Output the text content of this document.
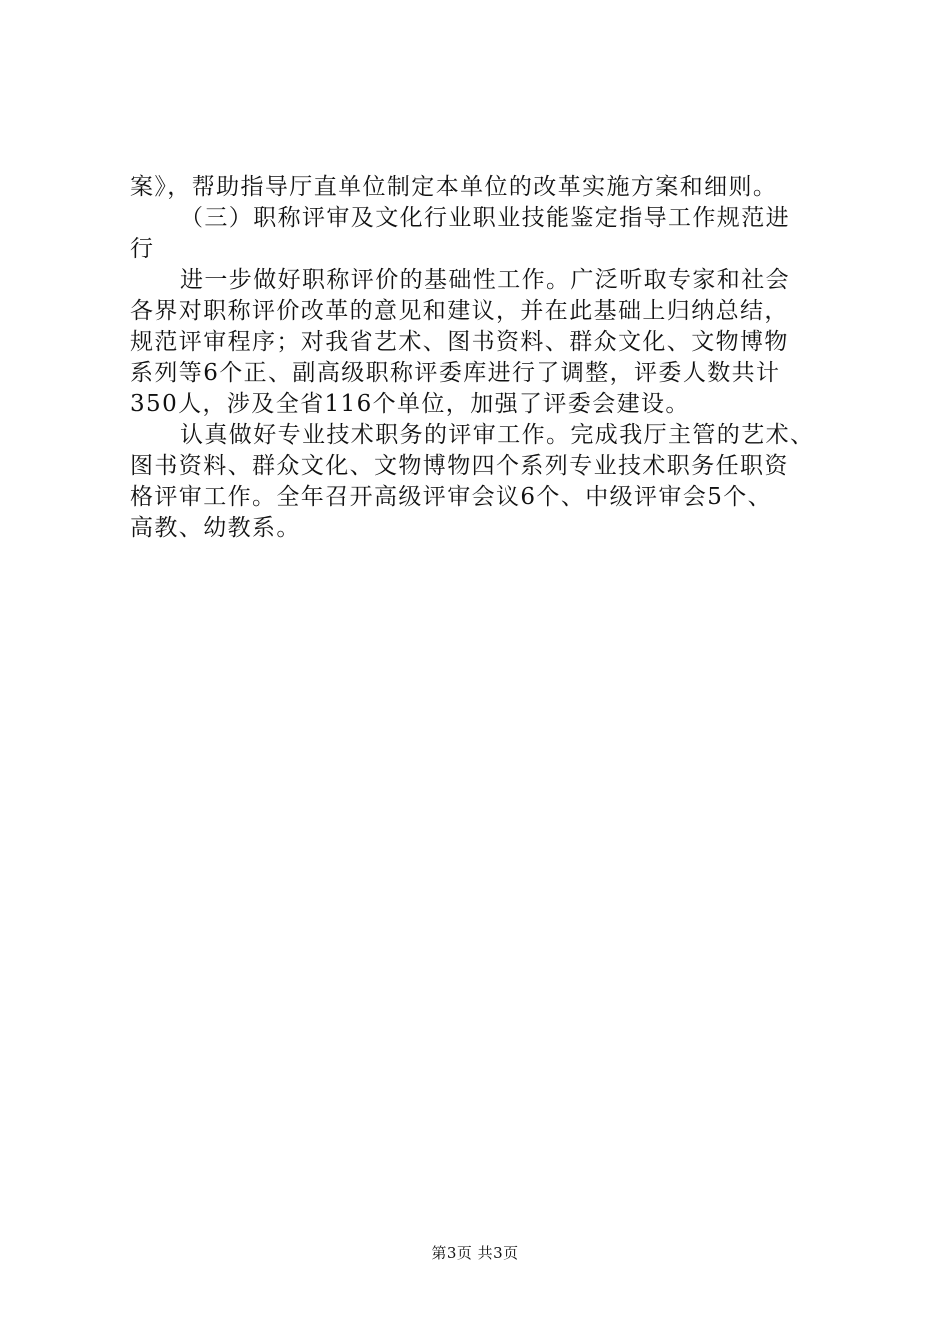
案》，帮助指导厅直单位制定本单位的改革实施方案和细则。
（三）职称评审及文化行业职业技能鉴定指导工作规范进
行
进一步做好职称评价的基础性工作。广泛听取专家和社会
各界对职称评价改革的意见和建议，并在此基础上归纳总结，
规范评审程序；对我省艺术、图书资料、群众文化、文物博物
系列等6个正、副高级职称评委库进行了调整，评委人数共计
350人，涉及全省116个单位，加强了评委会建设。
认真做好专业技术职务的评审工作。完成我厅主管的艺术、
图书资料、群众文化、文物博物四个系列专业技术职务任职资
格评审工作。全年召开高级评审会议6个、中级评审会5个、
高教、幼教系。
第3页 共3页
